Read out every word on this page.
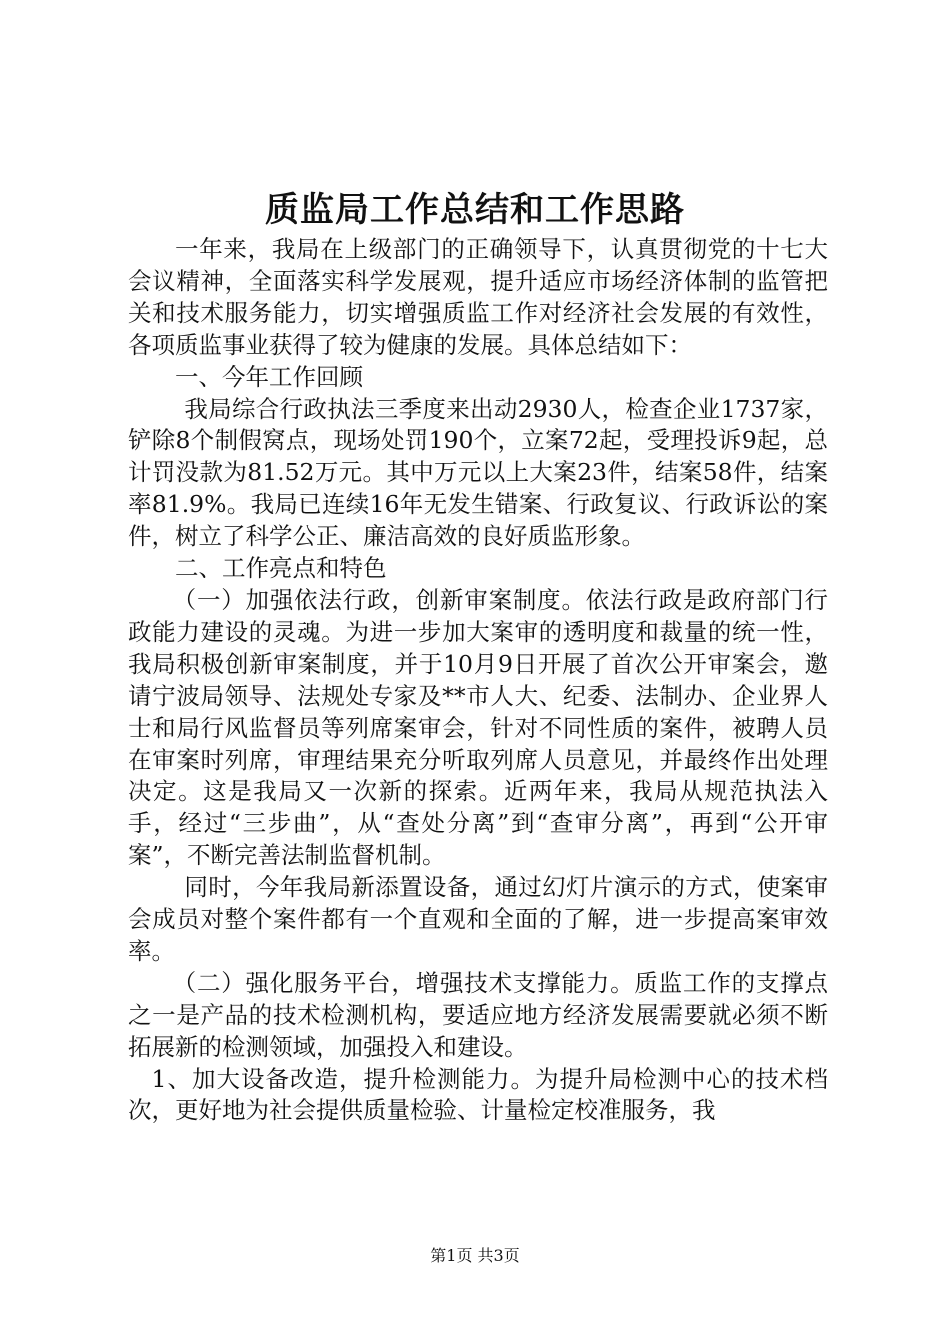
质监局工作总结和工作思路

一年来，我局在上级部门的正确领导下，认真贯彻党的十七大会议精神，全面落实科学发展观，提升适应市场经济体制的监管把关和技术服务能力，切实增强质监工作对经济社会发展的有效性，各项质监事业获得了较为健康的发展。具体总结如下：

一、今年工作回顾

我局综合行政执法三季度来出动2930人，检查企业1737家，铲除8个制假窝点，现场处罚190个，立案72起，受理投诉9起，总计罚没款为81.52万元。其中万元以上大案23件，结案58件，结案率81.9%。我局已连续16年无发生错案、行政复议、行政诉讼的案件，树立了科学公正、廉洁高效的良好质监形象。

二、工作亮点和特色

（一）加强依法行政，创新审案制度。依法行政是政府部门行政能力建设的灵魂。为进一步加大案审的透明度和裁量的统一性，我局积极创新审案制度，并于10月9日开展了首次公开审案会，邀请宁波局领导、法规处专家及**市人大、纪委、法制办、企业界人士和局行风监督员等列席案审会，针对不同性质的案件，被聘人员在审案时列席，审理结果充分听取列席人员意见，并最终作出处理决定。这是我局又一次新的探索。近两年来，我局从规范执法入手，经过“三步曲”，从“查处分离”到“查审分离”，再到“公开审案”，不断完善法制监督机制。

同时，今年我局新添置设备，通过幻灯片演示的方式，使案审会成员对整个案件都有一个直观和全面的了解，进一步提高案审效率。

（二）强化服务平台，增强技术支撑能力。质监工作的支撑点之一是产品的技术检测机构，要适应地方经济发展需要就必须不断拓展新的检测领域，加强投入和建设。

1、加大设备改造，提升检测能力。为提升局检测中心的技术档次，更好地为社会提供质量检验、计量检定校准服务，我

第1页 共3页
